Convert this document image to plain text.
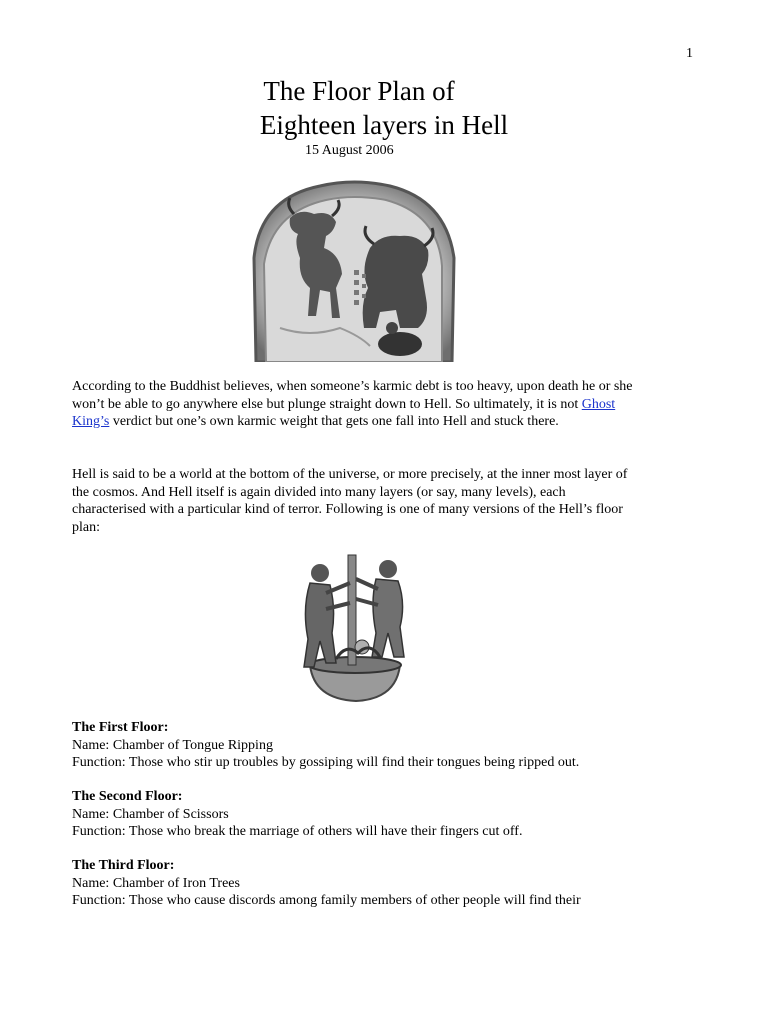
1
The Floor Plan of
Eighteen layers in Hell
15 August 2006

According to the Buddhist believes, when someone’s karmic debt is too heavy, upon death he or she won’t be able to go anywhere else but plunge straight down to Hell. So ultimately, it is not Ghost King’s verdict but one’s own karmic weight that gets one fall into Hell and stuck there.

Hell is said to be a world at the bottom of the universe, or more precisely, at the inner most layer of the cosmos. And Hell itself is again divided into many layers (or say, many levels), each characterised with a particular kind of terror. Following is one of many versions of the Hell’s floor plan:

The First Floor:
Name: Chamber of Tongue Ripping
Function: Those who stir up troubles by gossiping will find their tongues being ripped out.
The Second Floor:
Name: Chamber of Scissors
Function: Those who break the marriage of others will have their fingers cut off.
The Third Floor:
Name: Chamber of Iron Trees
Function: Those who cause discords among family members of other people will find their
